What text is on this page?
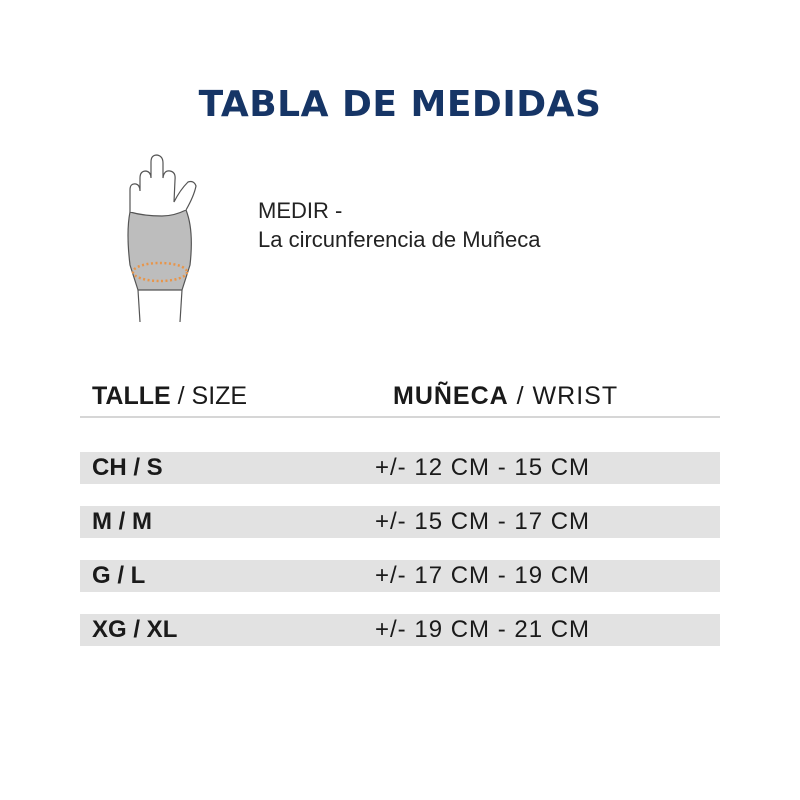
TABLA DE MEDIDAS
MEDIR -
La circunferencia de Muñeca
TALLE / SIZE	MUÑECA / WRIST
CH / S	+/- 12 CM - 15 CM
M / M	+/- 15 CM - 17 CM
G / L	+/- 17 CM - 19 CM
XG / XL	+/- 19 CM - 21 CM
